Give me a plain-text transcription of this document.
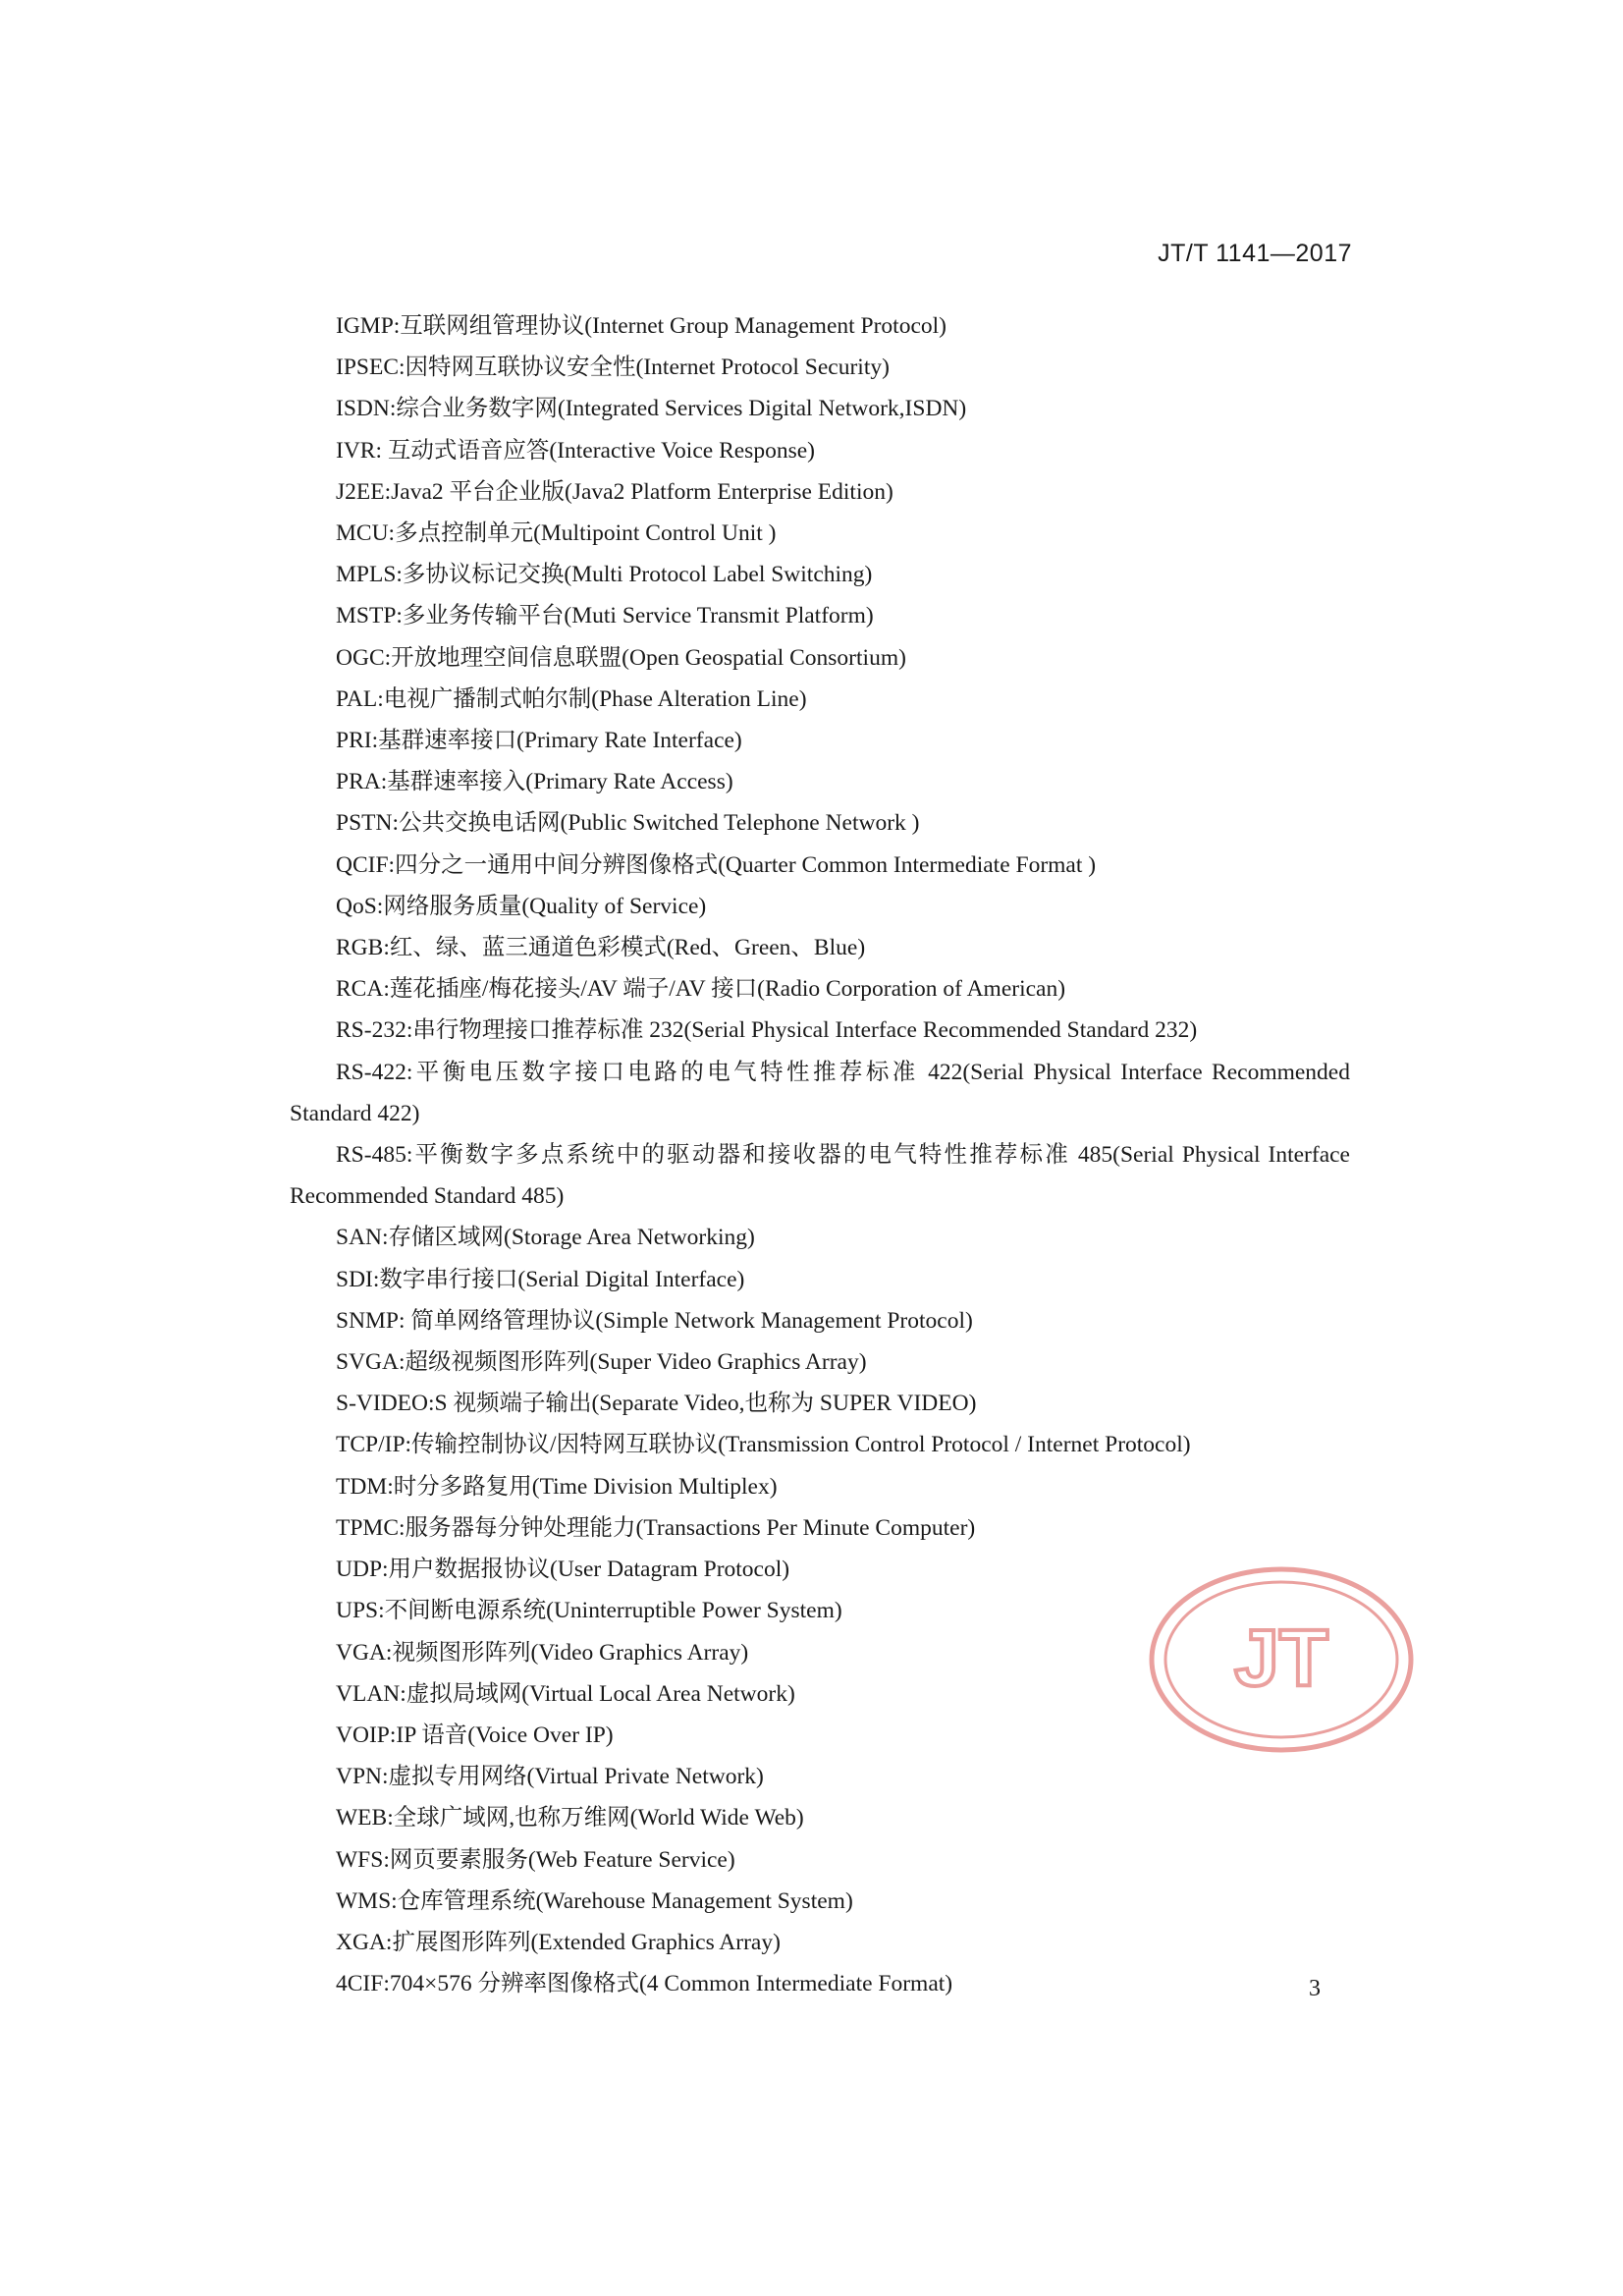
JT/T 1141—2017
IGMP:互联网组管理协议(Internet Group Management Protocol)
IPSEC:因特网互联协议安全性(Internet Protocol Security)
ISDN:综合业务数字网(Integrated Services Digital Network,ISDN)
IVR: 互动式语音应答(Interactive Voice Response)
J2EE:Java2 平台企业版(Java2 Platform Enterprise Edition)
MCU:多点控制单元(Multipoint Control Unit )
MPLS:多协议标记交换(Multi Protocol Label Switching)
MSTP:多业务传输平台(Muti Service Transmit Platform)
OGC:开放地理空间信息联盟(Open Geospatial Consortium)
PAL:电视广播制式帕尔制(Phase Alteration Line)
PRI:基群速率接口(Primary Rate Interface)
PRA:基群速率接入(Primary Rate Access)
PSTN:公共交换电话网(Public Switched Telephone Network )
QCIF:四分之一通用中间分辨图像格式(Quarter Common Intermediate Format )
QoS:网络服务质量(Quality of Service)
RGB:红、绿、蓝三通道色彩模式(Red、Green、Blue)
RCA:莲花插座/梅花接头/AV 端子/AV 接口(Radio Corporation of American)
RS-232:串行物理接口推荐标准 232(Serial Physical Interface Recommended Standard 232)
RS-422:平衡电压数字接口电路的电气特性推荐标准 422(Serial Physical Interface Recommended Standard 422)
RS-485:平衡数字多点系统中的驱动器和接收器的电气特性推荐标准 485(Serial Physical Interface Recommended Standard 485)
SAN:存储区域网(Storage Area Networking)
SDI:数字串行接口(Serial Digital Interface)
SNMP: 简单网络管理协议(Simple Network Management Protocol)
SVGA:超级视频图形阵列(Super Video Graphics Array)
S-VIDEO:S 视频端子输出(Separate Video,也称为 SUPER VIDEO)
TCP/IP:传输控制协议/因特网互联协议(Transmission Control Protocol / Internet Protocol)
TDM:时分多路复用(Time Division Multiplex)
TPMC:服务器每分钟处理能力(Transactions Per Minute Computer)
UDP:用户数据报协议(User Datagram Protocol)
UPS:不间断电源系统(Uninterruptible Power System)
VGA:视频图形阵列(Video Graphics Array)
VLAN:虚拟局域网(Virtual Local Area Network)
VOIP:IP 语音(Voice Over IP)
VPN:虚拟专用网络(Virtual Private Network)
WEB:全球广域网,也称万维网(World Wide Web)
WFS:网页要素服务(Web Feature Service)
WMS:仓库管理系统(Warehouse Management System)
XGA:扩展图形阵列(Extended Graphics Array)
4CIF:704×576 分辨率图像格式(4 Common Intermediate Format)
JT
3
